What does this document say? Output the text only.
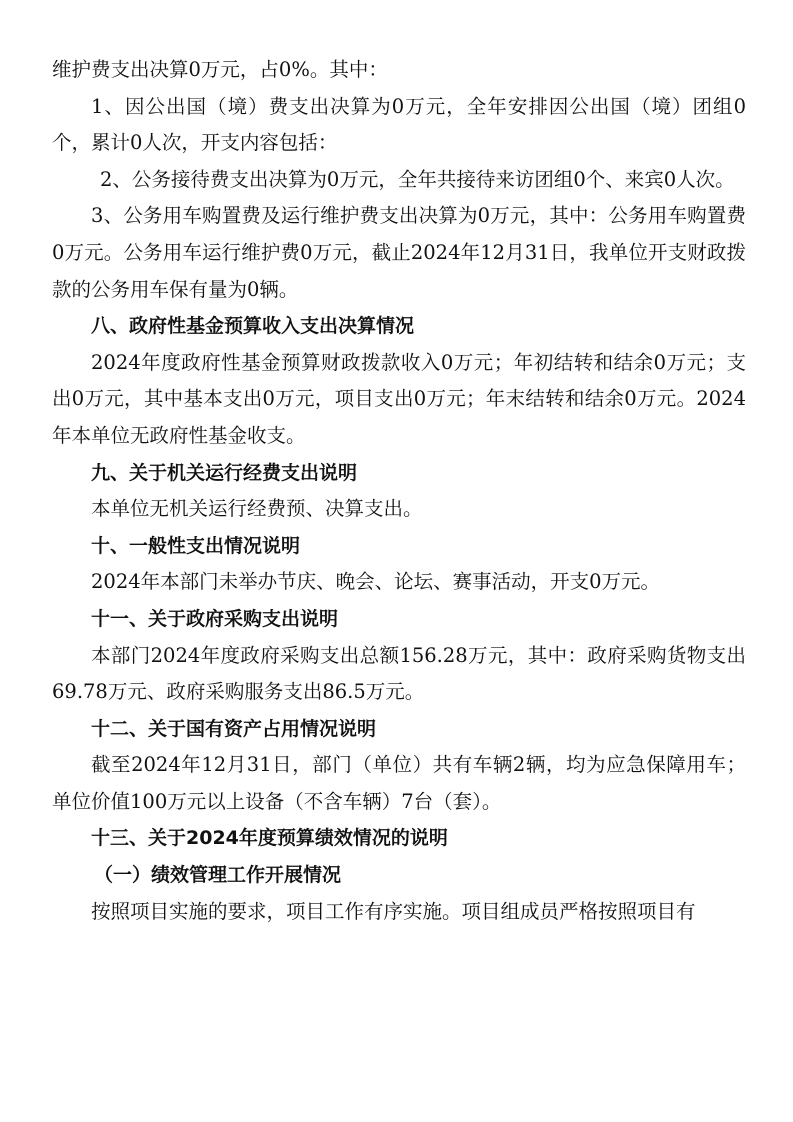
维护费支出决算0万元，占0%。其中：

1、因公出国（境）费支出决算为0万元，全年安排因公出国（境）团组0个，累计0人次，开支内容包括：

2、公务接待费支出决算为0万元，全年共接待来访团组0个、来宾0人次。

3、公务用车购置费及运行维护费支出决算为0万元，其中：公务用车购置费0万元。公务用车运行维护费0万元，截止2024年12月31日，我单位开支财政拨款的公务用车保有量为0辆。

八、政府性基金预算收入支出决算情况

2024年度政府性基金预算财政拨款收入0万元；年初结转和结余0万元；支出0万元，其中基本支出0万元，项目支出0万元；年末结转和结余0万元。2024年本单位无政府性基金收支。

九、关于机关运行经费支出说明

本单位无机关运行经费预、决算支出。

十、一般性支出情况说明

2024年本部门未举办节庆、晚会、论坛、赛事活动，开支0万元。

十一、关于政府采购支出说明

本部门2024年度政府采购支出总额156.28万元，其中：政府采购货物支出69.78万元、政府采购服务支出86.5万元。

十二、关于国有资产占用情况说明

截至2024年12月31日，部门（单位）共有车辆2辆，均为应急保障用车；单位价值100万元以上设备（不含车辆）7台（套）。

十三、关于2024年度预算绩效情况的说明

（一）绩效管理工作开展情况

按照项目实施的要求，项目工作有序实施。项目组成员严格按照项目有
